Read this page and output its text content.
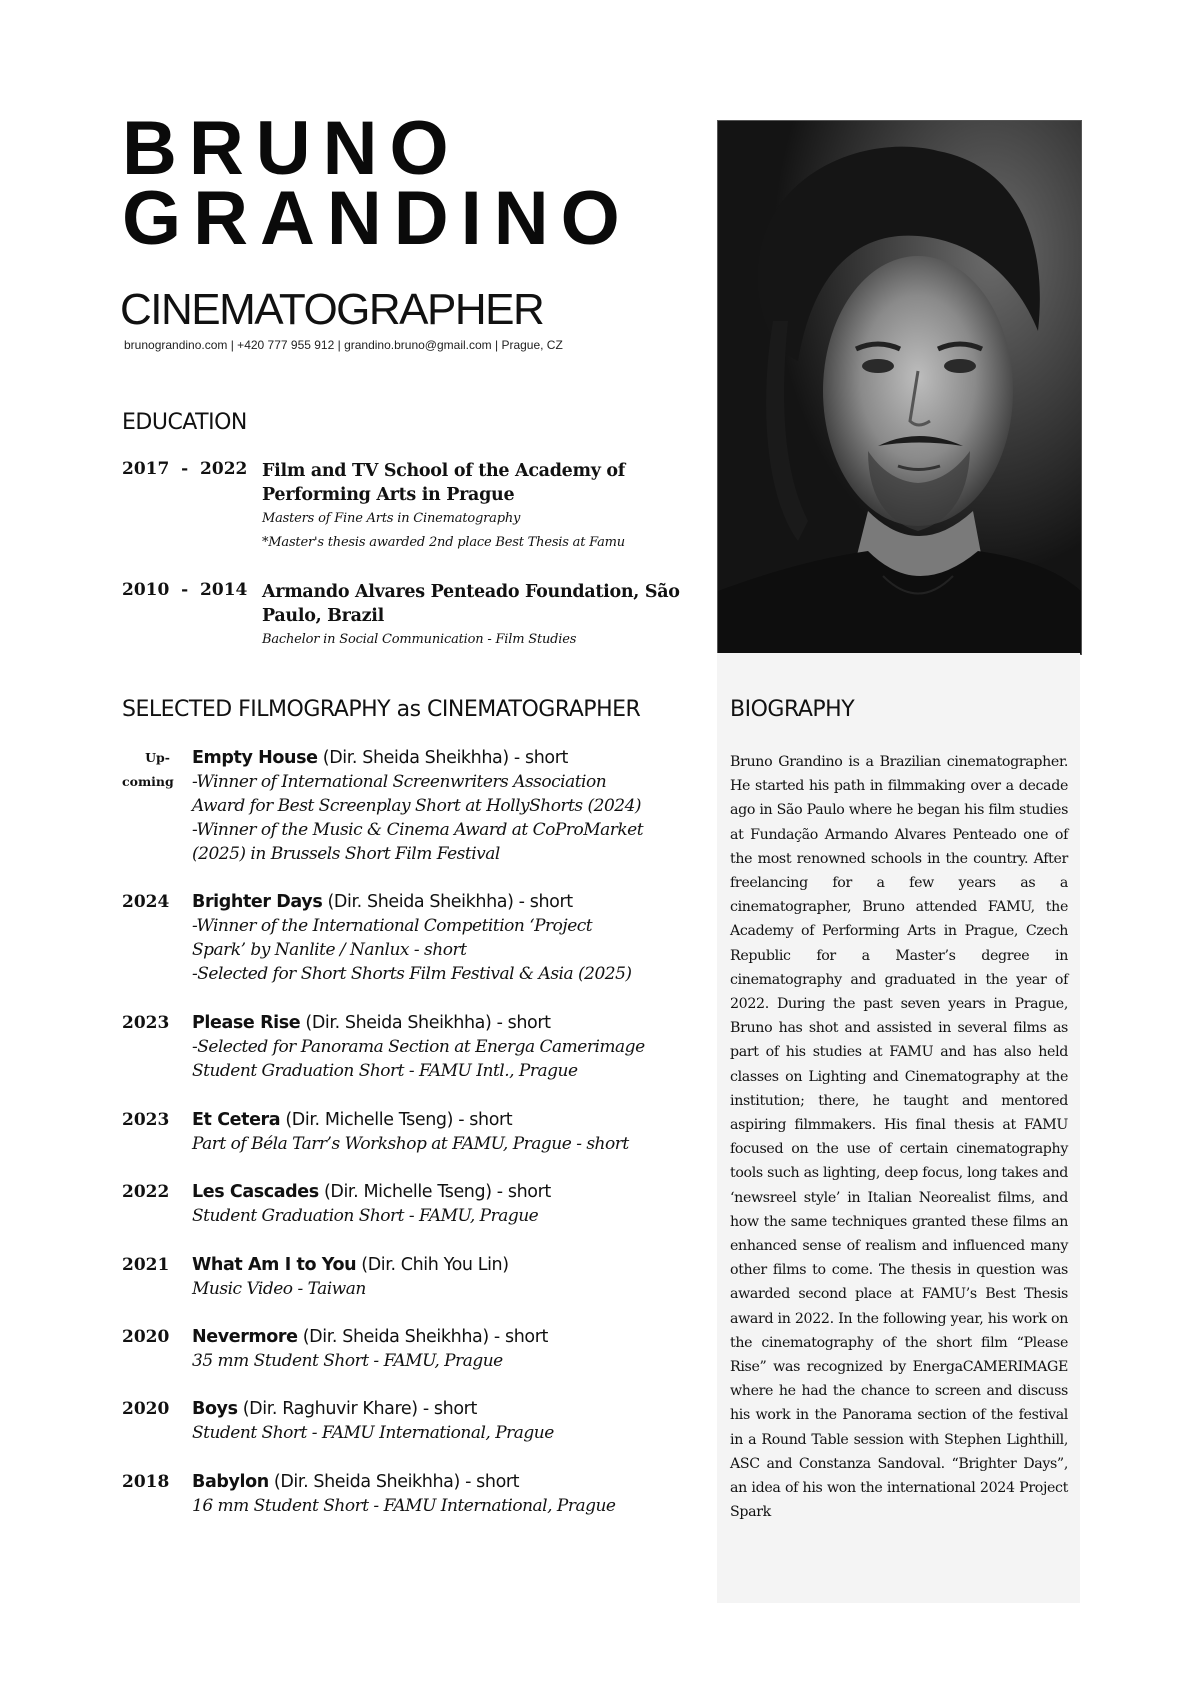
BRUNO
GRANDINO
CINEMATOGRAPHER
brunograndino.com | +420 777 955 912 | grandino.bruno@gmail.com | Prague, CZ
EDUCATION
2017  -  2022 Film and TV School of the Academy of
Performing Arts in Prague
Masters of Fine Arts in Cinematography
*Master's thesis awarded 2nd place Best Thesis at Famu
2010  -  2014 Armando Alvares Penteado Foundation, São
Paulo, Brazil
Bachelor in Social Communication - Film Studies
SELECTED FILMOGRAPHY as CINEMATOGRAPHER
Up-
coming
Empty House (Dir. Sheida Sheikhha) - short
-Winner of International Screenwriters Association
Award for Best Screenplay Short at HollyShorts (2024)
-Winner of the Music & Cinema Award at CoProMarket
(2025) in Brussels Short Film Festival
2024	Brighter Days (Dir. Sheida Sheikhha) - short
-Winner of the International Competition ‘Project
Spark’ by Nanlite / Nanlux - short
-Selected for Short Shorts Film Festival & Asia (2025)
2023	Please Rise (Dir. Sheida Sheikhha) - short
-Selected for Panorama Section at Energa Camerimage
Student Graduation Short - FAMU Intl., Prague
2023	Et Cetera (Dir. Michelle Tseng) - short
Part of Béla Tarr’s Workshop at FAMU, Prague - short
2022	Les Cascades (Dir. Michelle Tseng) - short
Student Graduation Short - FAMU, Prague
2021	What Am I to You (Dir. Chih You Lin)
Music Video - Taiwan
2020	Nevermore (Dir. Sheida Sheikhha) - short
35 mm Student Short - FAMU, Prague
2020	Boys (Dir. Raghuvir Khare) - short
Student Short - FAMU International, Prague
2018	Babylon (Dir. Sheida Sheikhha) - short
16 mm Student Short - FAMU International, Prague
BIOGRAPHY
Bruno Grandino is a Brazilian cinematographer. He started his path in filmmaking over a decade ago in São Paulo where he began his film studies at Fundação Armando Alvares Penteado one of the most renowned schools in the country. After freelancing for a few years as a cinematographer, Bruno attended FAMU, the Academy of Performing Arts in Prague, Czech Republic for a Master’s degree in cinematography and graduated in the year of 2022. During the past seven years in Prague, Bruno has shot and assisted in several films as part of his studies at FAMU and has also held classes on Lighting and Cinematography at the institution; there, he taught and mentored aspiring filmmakers. His final thesis at FAMU focused on the use of certain cinematography tools such as lighting, deep focus, long takes and ‘newsreel style’ in Italian Neorealist films, and how the same techniques granted these films an enhanced sense of realism and influenced many other films to come. The thesis in question was awarded second place at FAMU’s Best Thesis award in 2022. In the following year, his work on the cinematography of the short film “Please Rise” was recognized by EnergaCAMERIMAGE where he had the chance to screen and discuss his work in the Panorama section of the festival in a Round Table session with Stephen Lighthill, ASC and Constanza Sandoval. “Brighter Days”, an idea of his won the international 2024 Project Spark
